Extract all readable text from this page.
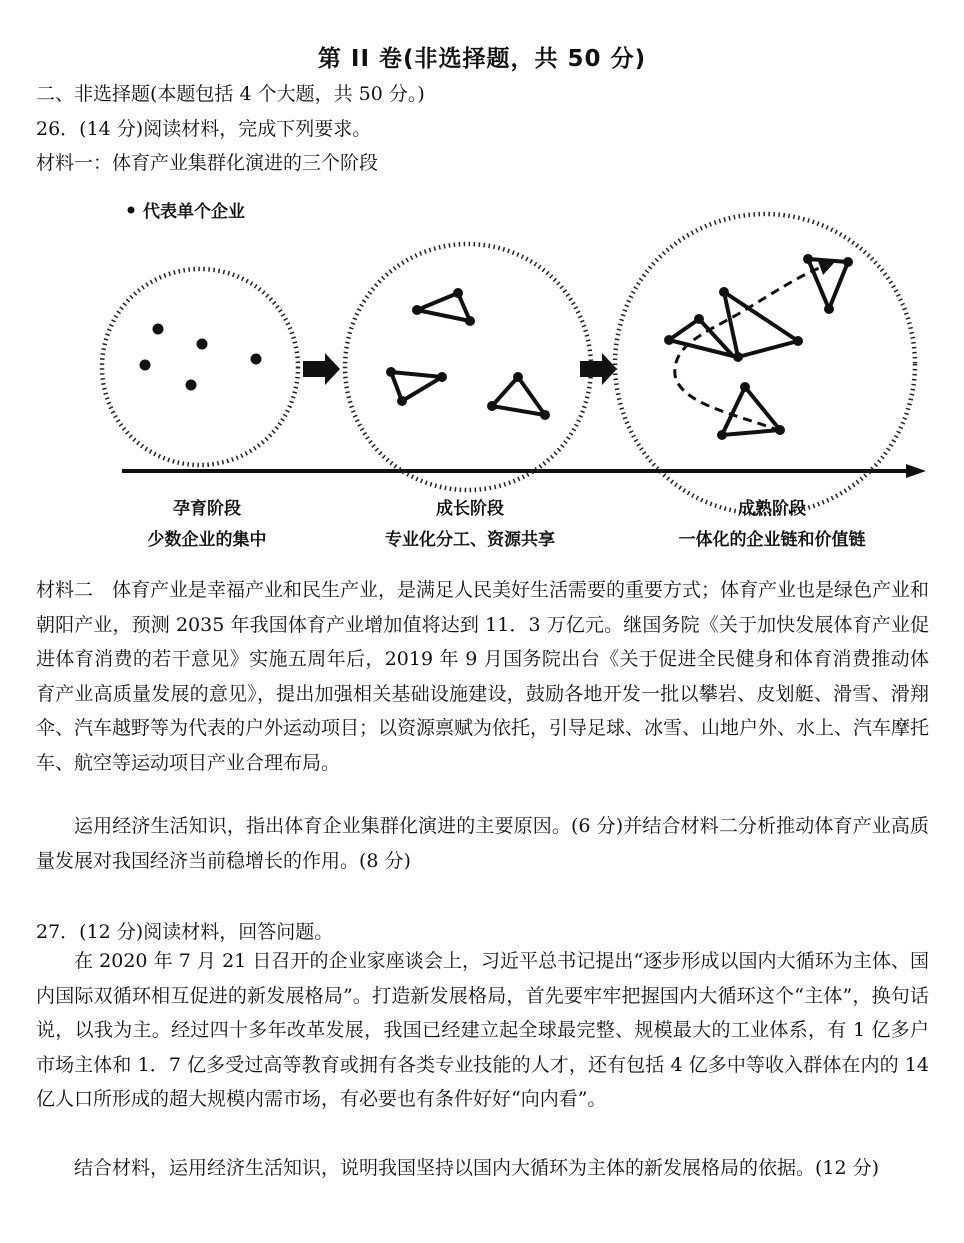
第 II 卷(非选择题，共 50 分)
二、非选择题(本题包括 4 个大题，共 50 分。)
26．(14 分)阅读材料，完成下列要求。
材料一：体育产业集群化演进的三个阶段
代表单个企业
孕育阶段
少数企业的集中
成长阶段
专业化分工、资源共享
成熟阶段
一体化的企业链和价值链

材料二　体育产业是幸福产业和民生产业，是满足人民美好生活需要的重要方式；体育产业也是绿色产业和朝阳产业，预测 2035 年我国体育产业增加值将达到 11．3 万亿元。继国务院《关于加快发展体育产业促进体育消费的若干意见》实施五周年后，2019 年 9 月国务院出台《关于促进全民健身和体育消费推动体育产业高质量发展的意见》，提出加强相关基础设施建设，鼓励各地开发一批以攀岩、皮划艇、滑雪、滑翔伞、汽车越野等为代表的户外运动项目；以资源禀赋为依托，引导足球、冰雪、山地户外、水上、汽车摩托车、航空等运动项目产业合理布局。

运用经济生活知识，指出体育企业集群化演进的主要原因。(6 分)并结合材料二分析推动体育产业高质量发展对我国经济当前稳增长的作用。(8 分)

27．(12 分)阅读材料，回答问题。

在 2020 年 7 月 21 日召开的企业家座谈会上，习近平总书记提出“逐步形成以国内大循环为主体、国内国际双循环相互促进的新发展格局”。打造新发展格局，首先要牢牢把握国内大循环这个“主体”，换句话说，以我为主。经过四十多年改革发展，我国已经建立起全球最完整、规模最大的工业体系，有 1 亿多户市场主体和 1．7 亿多受过高等教育或拥有各类专业技能的人才，还有包括 4 亿多中等收入群体在内的 14 亿人口所形成的超大规模内需市场，有必要也有条件好好“向内看”。

结合材料，运用经济生活知识，说明我国坚持以国内大循环为主体的新发展格局的依据。(12 分)
